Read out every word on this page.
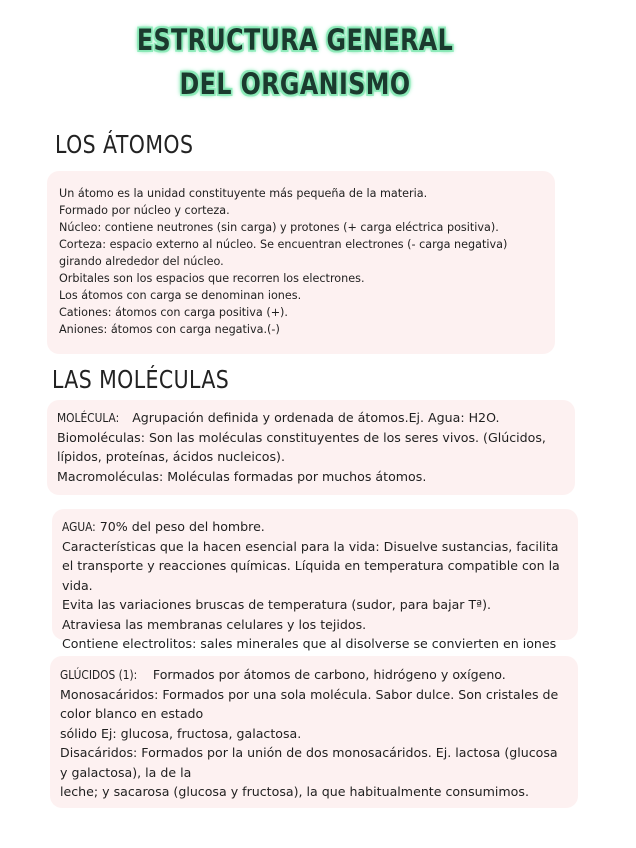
ESTRUCTURA GENERAL
DEL ORGANISMO
LOS ÁTOMOS

Un átomo es la unidad constituyente más pequeña de la materia.

Formado por núcleo y corteza.

Núcleo: contiene neutrones (sin carga) y protones (+ carga eléctrica positiva).

Corteza: espacio externo al núcleo. Se encuentran electrones (- carga negativa) girando alrededor del núcleo.

Orbitales son los espacios que recorren los electrones.

Los átomos con carga se denominan iones.

Cationes: átomos con carga positiva (+).

Aniones: átomos con carga negativa.(-)

LAS MOLÉCULAS

MOLÉCULA: Agrupación definida y ordenada de átomos.Ej. Agua: H2O.

Biomoléculas: Son las moléculas constituyentes de los seres vivos. (Glúcidos, lípidos, proteínas, ácidos nucleicos).

Macromoléculas: Moléculas formadas por muchos átomos.

AGUA: 70% del peso del hombre.

Características que la hacen esencial para la vida: Disuelve sustancias, facilita el transporte y reacciones químicas. Líquida en temperatura compatible con la vida.

Evita las variaciones bruscas de temperatura (sudor, para bajar Tª).

Atraviesa las membranas celulares y los tejidos.

Contiene electrolitos: sales minerales que al disolverse se convierten en iones

GLÚCIDOS (1): Formados por átomos de carbono, hidrógeno y oxígeno.

Monosacáridos: Formados por una sola molécula. Sabor dulce. Son cristales de color blanco en estado

sólido Ej: glucosa, fructosa, galactosa.

Disacáridos: Formados por la unión de dos monosacáridos. Ej. lactosa (glucosa y galactosa), la de la

leche; y sacarosa (glucosa y fructosa), la que habitualmente consumimos.
